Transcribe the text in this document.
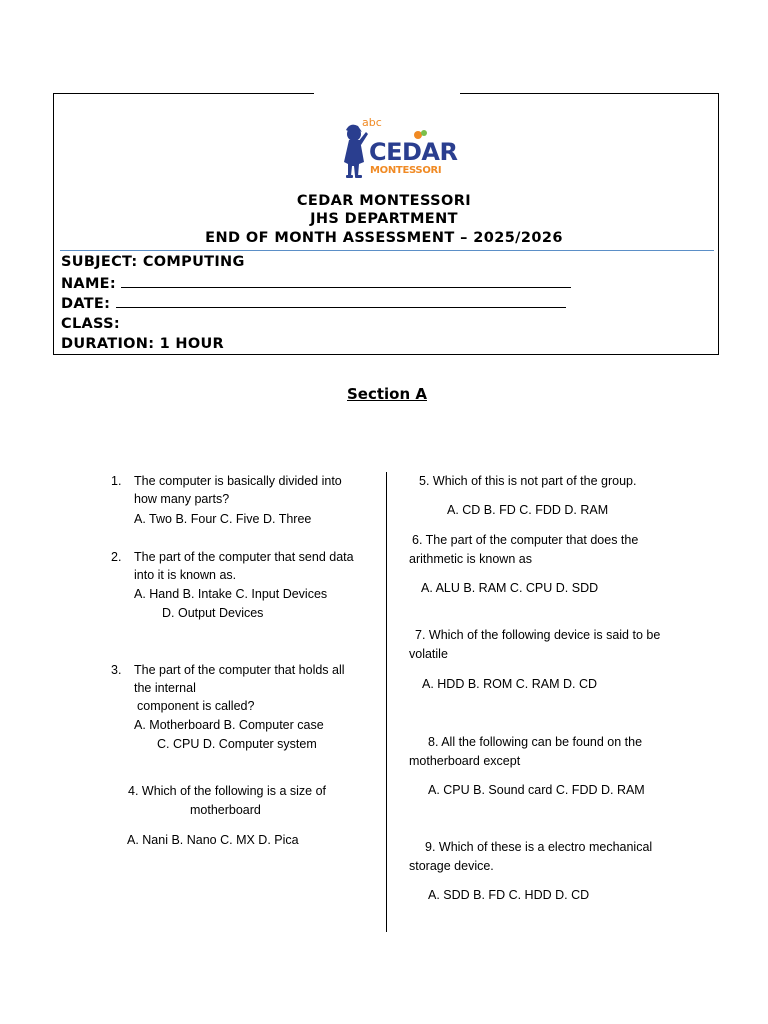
abc
CEDAR
MONTESSORI
CEDAR MONTESSORI
JHS DEPARTMENT
END OF MONTH ASSESSMENT – 2025/2026
SUBJECT: COMPUTING
NAME:
DATE:
CLASS:
DURATION: 1 HOUR
Section A
1. The computer is basically divided into
how many parts?
A. Two B. Four C. Five D. Three
2. The part of the computer that send data
into it is known as.
A. Hand B. Intake C. Input Devices
D. Output Devices
3. The part of the computer that holds all
the internal
component is called?
A. Motherboard B. Computer case
C. CPU D. Computer system
4. Which of the following is a size of
motherboard
A. Nani B. Nano C. MX D. Pica
5. Which of this is not part of the group.
A. CD B. FD C. FDD D. RAM
6. The part of the computer that does the
arithmetic is known as
A. ALU B. RAM C. CPU D. SDD
7. Which of the following device is said to be
volatile
A. HDD B. ROM C. RAM D. CD
8. All the following can be found on the
motherboard except
A. CPU B. Sound card C. FDD D. RAM
9. Which of these is a electro mechanical
storage device.
A. SDD B. FD C. HDD D. CD
